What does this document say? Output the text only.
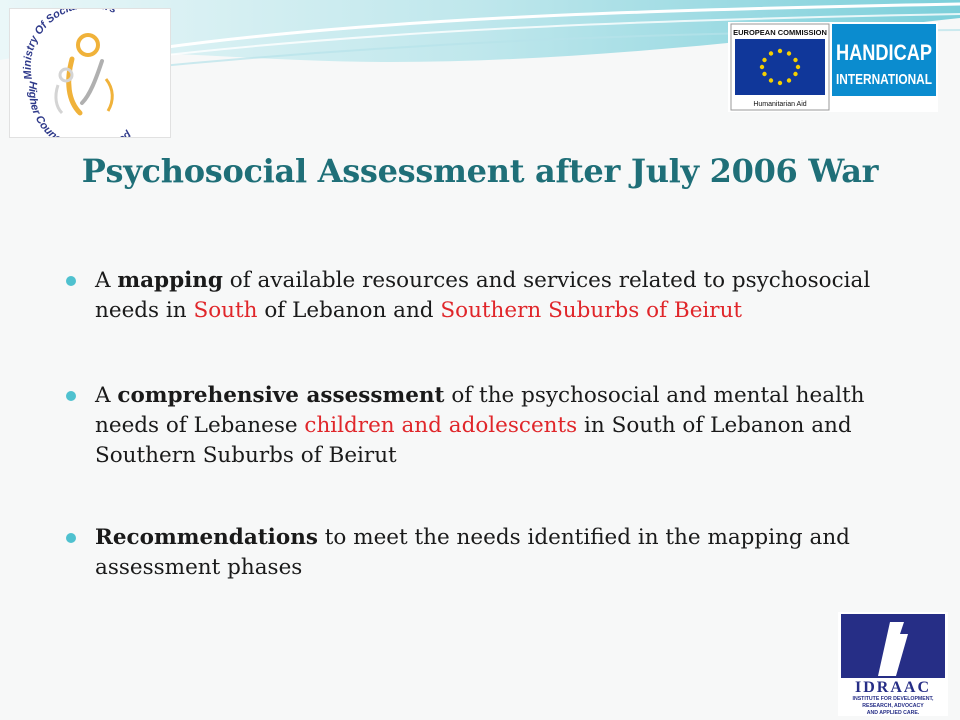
Ministry Of Soci s
Higher Coun d
EUROPEAN COMMISSION
Humanitarian Aid
HANDICAP
INTERNATIONAL
Psychosocial Assessment after July 2006 War
A mapping of available resources and services related to psychosocial needs in South of Lebanon and Southern Suburbs of Beirut
A comprehensive assessment of the psychosocial and mental health needs of Lebanese children and adolescents in South of Lebanon and Southern Suburbs of Beirut
Recommendations to meet the needs identified in the mapping and assessment phases
IDRAAC
INSTITUTE FOR DEVELOPMENT,
RESEARCH, ADVOCACY
AND APPLIED CARE.
